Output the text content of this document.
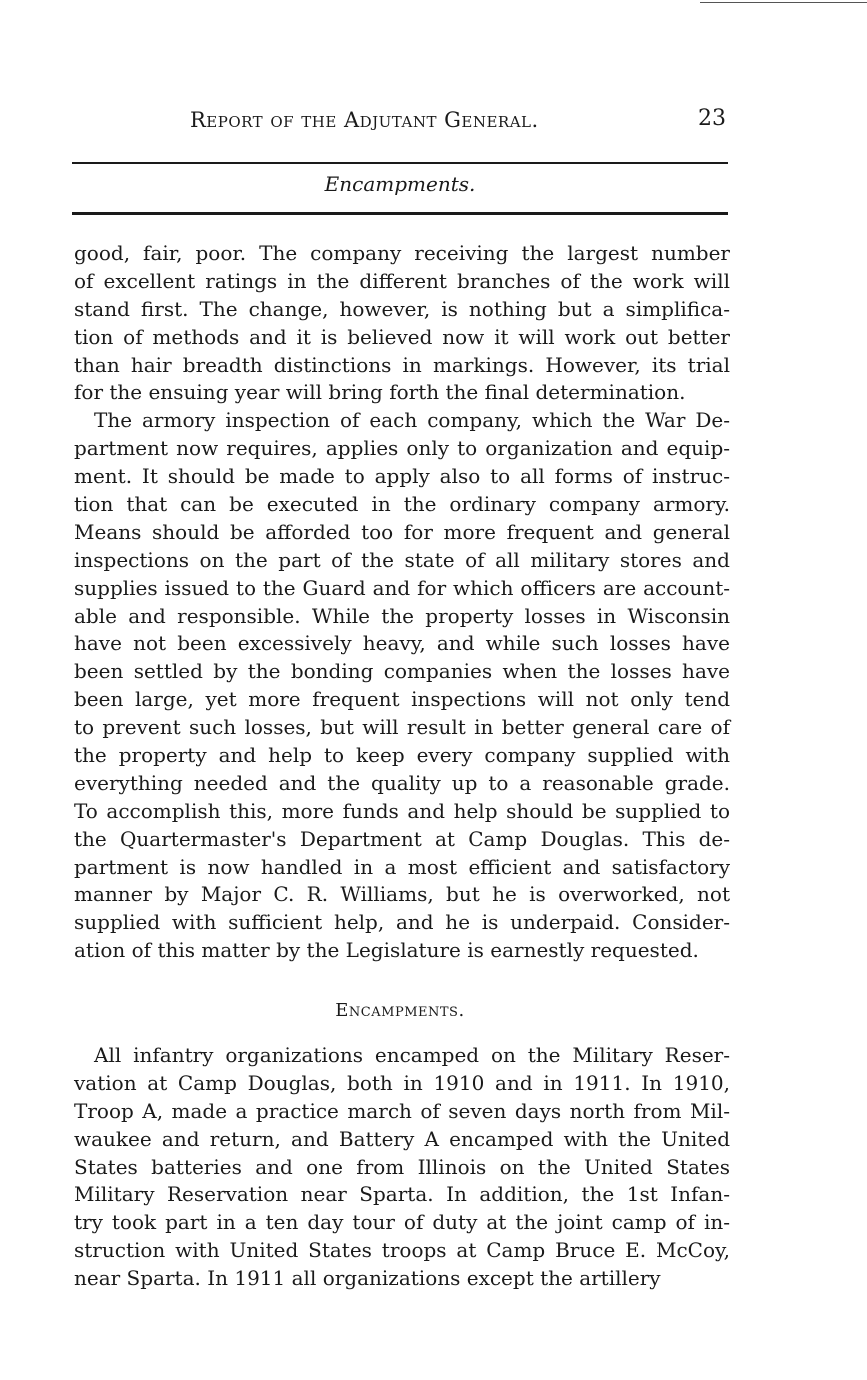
Report of the Adjutant General.	23
Encampments.
good, fair, poor. The company receiving the largest number
of excellent ratings in the different branches of the work will
stand first. The change, however, is nothing but a simplifica-
tion of methods and it is believed now it will work out better
than hair breadth distinctions in markings. However, its trial
for the ensuing year will bring forth the final determination.
 The armory inspection of each company, which the War De-
partment now requires, applies only to organization and equip-
ment. It should be made to apply also to all forms of instruc-
tion that can be executed in the ordinary company armory.
Means should be afforded too for more frequent and general
inspections on the part of the state of all military stores and
supplies issued to the Guard and for which officers are account-
able and responsible. While the property losses in Wisconsin
have not been excessively heavy, and while such losses have
been settled by the bonding companies when the losses have
been large, yet more frequent inspections will not only tend
to prevent such losses, but will result in better general care of
the property and help to keep every company supplied with
everything needed and the quality up to a reasonable grade.
To accomplish this, more funds and help should be supplied to
the Quartermaster's Department at Camp Douglas. This de-
partment is now handled in a most efficient and satisfactory
manner by Major C. R. Williams, but he is overworked, not
supplied with sufficient help, and he is underpaid. Consider-
ation of this matter by the Legislature is earnestly requested.
Encampments.
 All infantry organizations encamped on the Military Reser-
vation at Camp Douglas, both in 1910 and in 1911. In 1910,
Troop A, made a practice march of seven days north from Mil-
waukee and return, and Battery A encamped with the United
States batteries and one from Illinois on the United States
Military Reservation near Sparta. In addition, the 1st Infan-
try took part in a ten day tour of duty at the joint camp of in-
struction with United States troops at Camp Bruce E. McCoy,
near Sparta. In 1911 all organizations except the artillery
